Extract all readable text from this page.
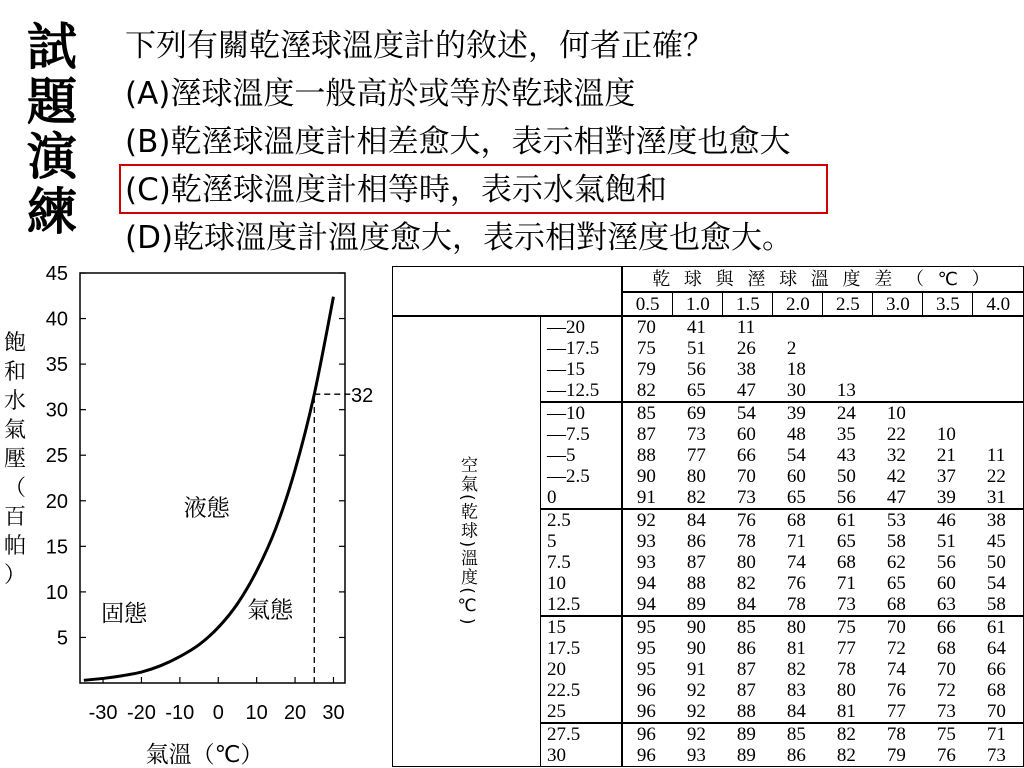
試
題
演
練
下列有關乾溼球溫度計的敘述，何者正確？
(A)溼球溫度一般高於或等於乾球溫度
(B)乾溼球溫度計相差愈大，表示相對溼度也愈大
(C)乾溼球溫度計相等時，表示水氣飽和
(D)乾球溫度計溫度愈大，表示相對溼度也愈大。
5
10
15
20
25
30
35
40
45
-30 -20 -10 0 10 20 30
32
液態
固態	氣態
氣溫（℃）
飽
和
水
氣
壓
（
百
帕
）
		乾 球 與 溼 球 溫 度 差 （ ℃ ）							
		0.5	1.0	1.5	2.0	2.5	3.0	3.5	4.0
空氣(乾球)溫度(℃)	—20	70	41	11					
	—17.5	75	51	26	2				
	—15	79	56	38	18				
	—12.5	82	65	47	30	13			
	—10	85	69	54	39	24	10		
	—7.5	87	73	60	48	35	22	10	
	—5	88	77	66	54	43	32	21	11
	—2.5	90	80	70	60	50	42	37	22
	0	91	82	73	65	56	47	39	31
	2.5	92	84	76	68	61	53	46	38
	5	93	86	78	71	65	58	51	45
	7.5	93	87	80	74	68	62	56	50
	10	94	88	82	76	71	65	60	54
	12.5	94	89	84	78	73	68	63	58
	15	95	90	85	80	75	70	66	61
	17.5	95	90	86	81	77	72	68	64
	20	95	91	87	82	78	74	70	66
	22.5	96	92	87	83	80	76	72	68
	25	96	92	88	84	81	77	73	70
	27.5	96	92	89	85	82	78	75	71
	30	96	93	89	86	82	79	76	73
